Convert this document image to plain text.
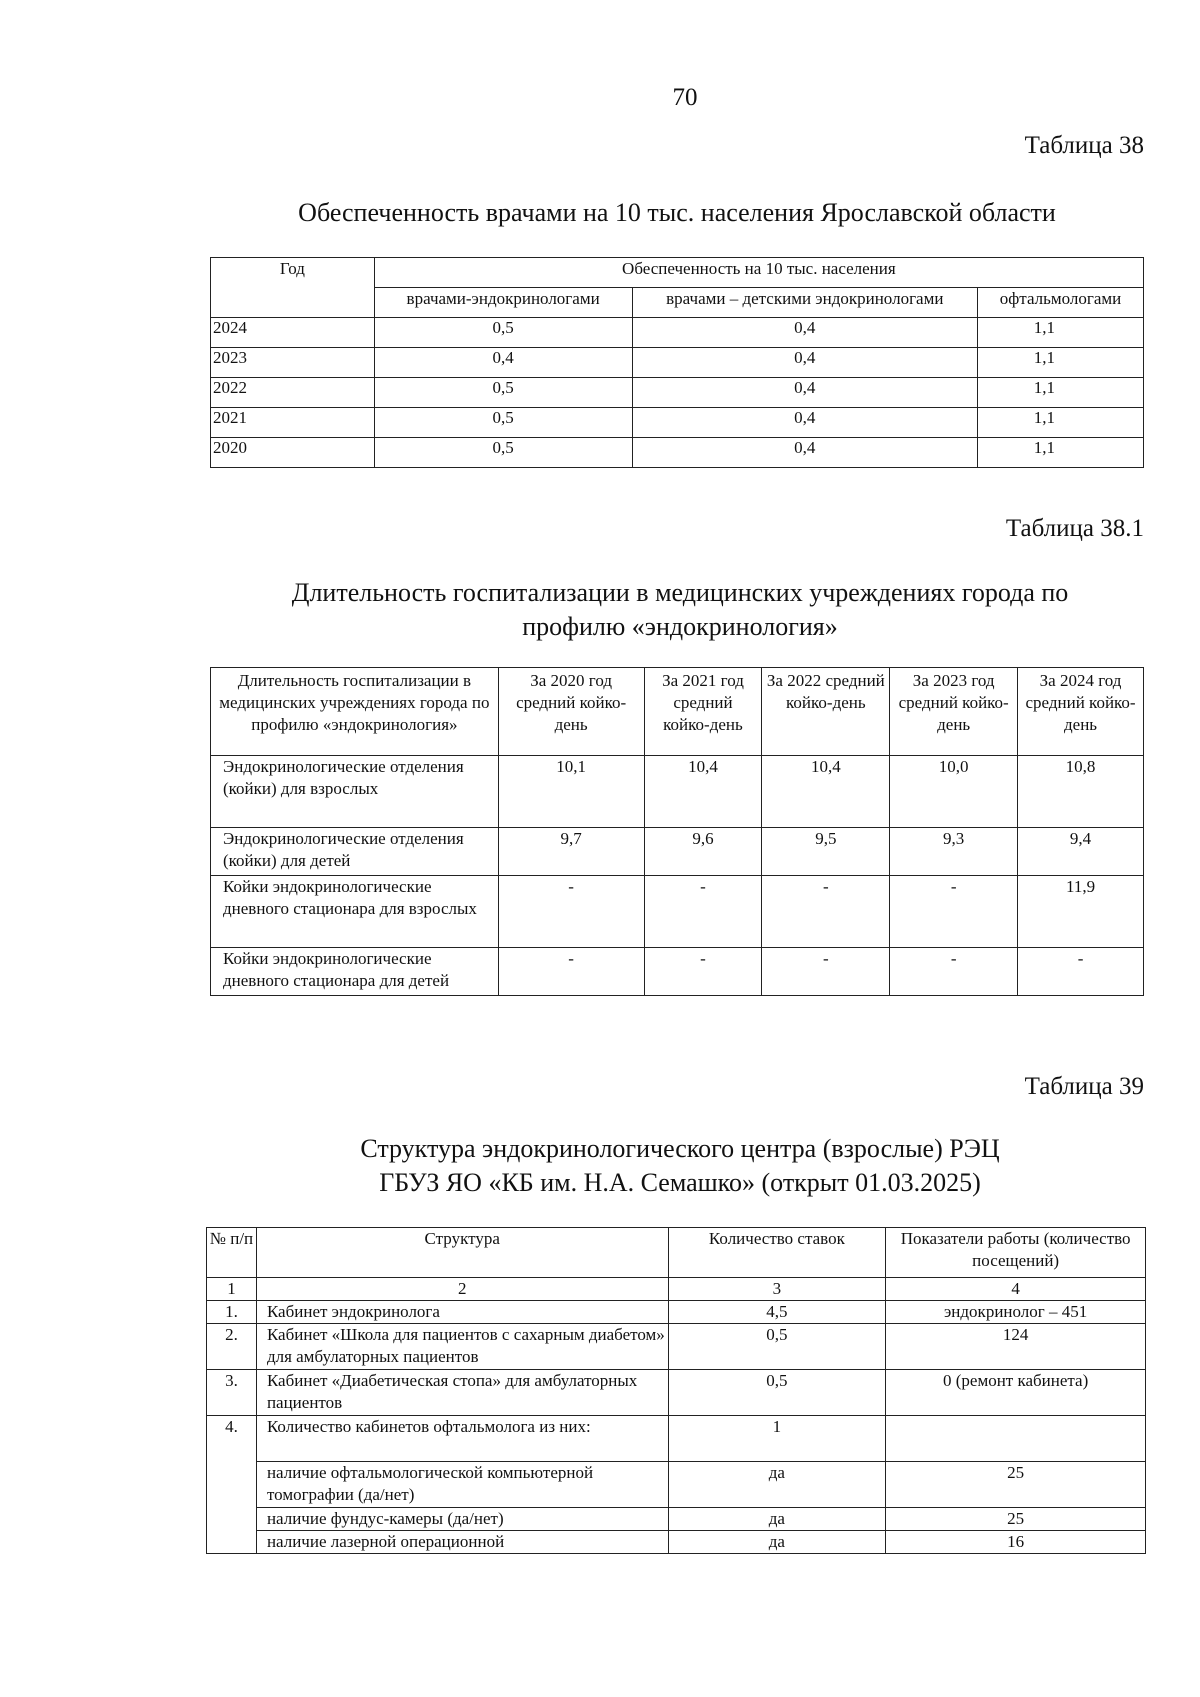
70
Таблица 38
Обеспеченность врачами на 10 тыс. населения Ярославской области
Год	Обеспеченность на 10 тыс. населения		
	врачами-эндокринологами	врачами – детскими эндокринологами	офтальмологами
2024	0,5	0,4	1,1
2023	0,4	0,4	1,1
2022	0,5	0,4	1,1
2021	0,5	0,4	1,1
2020	0,5	0,4	1,1
Таблица 38.1
Длительность госпитализации в медицинских учреждениях города по
профилю «эндокринология»
Длительность госпитализации в медицинских учреждениях города по профилю «эндокринология»	За 2020 год средний койко-день	За 2021 год средний койко-день	За 2022 средний койко-день	За 2023 год средний койко-день	За 2024 год средний койко-день
Эндокринологические отделения (койки) для взрослых	10,1	10,4	10,4	10,0	10,8
Эндокринологические отделения (койки) для детей	9,7	9,6	9,5	9,3	9,4
Койки эндокринологические дневного стационара для взрослых	-	-	-	-	11,9
Койки эндокринологические дневного стационара для детей	-	-	-	-	-
Таблица 39
Структура эндокринологического центра (взрослые) РЭЦ
ГБУЗ ЯО «КБ им. Н.А. Семашко» (открыт 01.03.2025)
№ п/п	Структура	Количество ставок	Показатели работы (количество посещений)
1	2	3	4
1.	Кабинет эндокринолога	4,5	эндокринолог – 451
2.	Кабинет «Школа для пациентов с сахарным диабетом» для амбулаторных пациентов	0,5	124
3.	Кабинет «Диабетическая стопа» для амбулаторных пациентов	0,5	0 (ремонт кабинета)
4.	Количество кабинетов офтальмолога из них:	1	
	наличие офтальмологической компьютерной томографии (да/нет)	да	25
	наличие фундус-камеры (да/нет)	да	25
	наличие лазерной операционной	да	16
